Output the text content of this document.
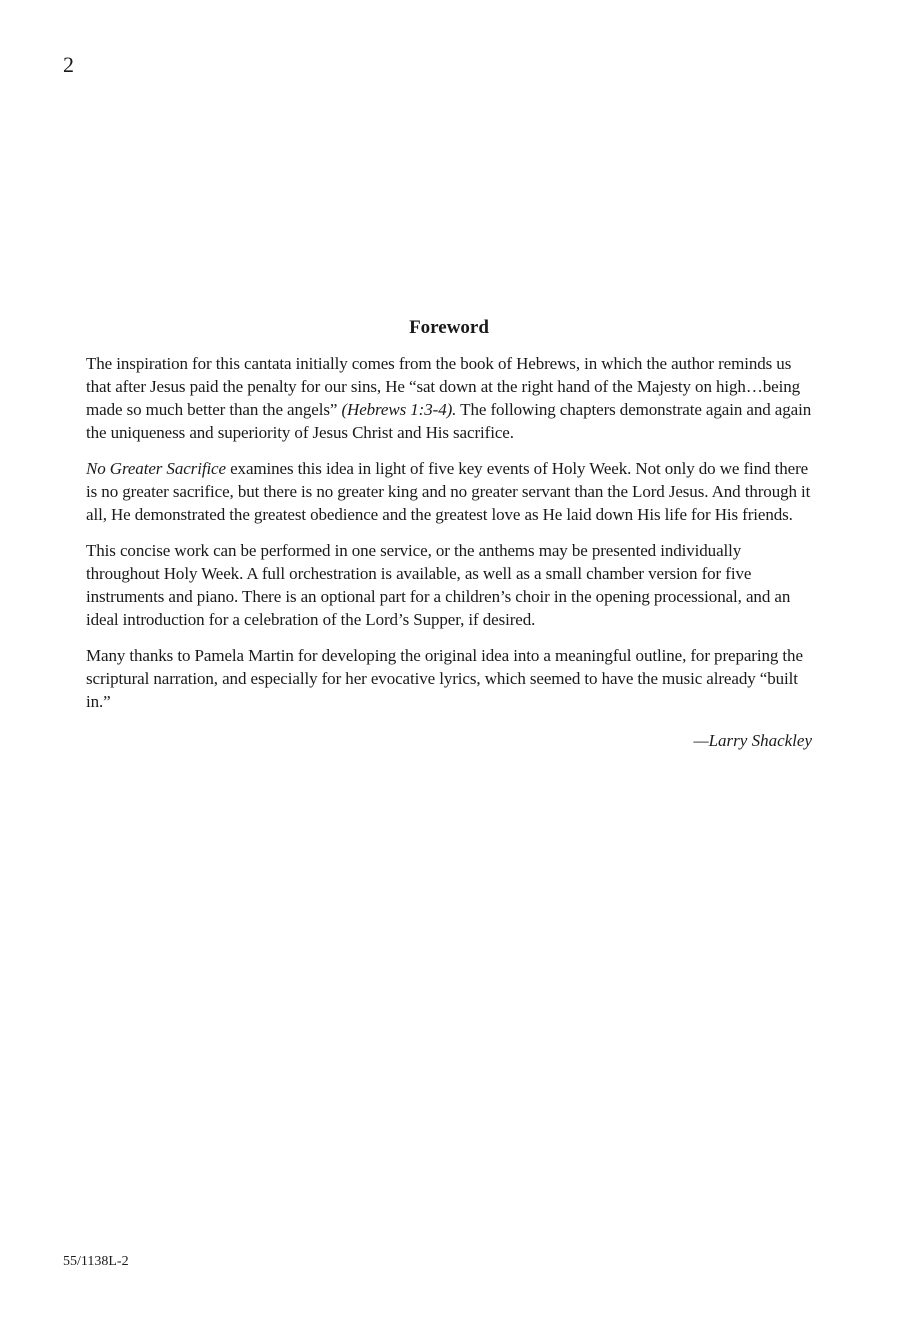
2
Foreword

The inspiration for this cantata initially comes from the book of Hebrews, in which the author reminds us that after Jesus paid the penalty for our sins, He “sat down at the right hand of the Majesty on high…being made so much better than the angels” (Hebrews 1:3-4). The following chapters demonstrate again and again the uniqueness and superiority of Jesus Christ and His sacrifice.

No Greater Sacrifice examines this idea in light of five key events of Holy Week. Not only do we find there is no greater sacrifice, but there is no greater king and no greater servant than the Lord Jesus. And through it all, He demonstrated the greatest obedience and the greatest love as He laid down His life for His friends.

This concise work can be performed in one service, or the anthems may be presented individually throughout Holy Week. A full orchestration is available, as well as a small chamber version for five instruments and piano. There is an optional part for a children’s choir in the opening processional, and an ideal introduction for a celebration of the Lord’s Supper, if desired.

Many thanks to Pamela Martin for developing the original idea into a meaningful outline, for preparing the scriptural narration, and especially for her evocative lyrics, which seemed to have the music already “built in.”

—Larry Shackley
55/1138L-2
